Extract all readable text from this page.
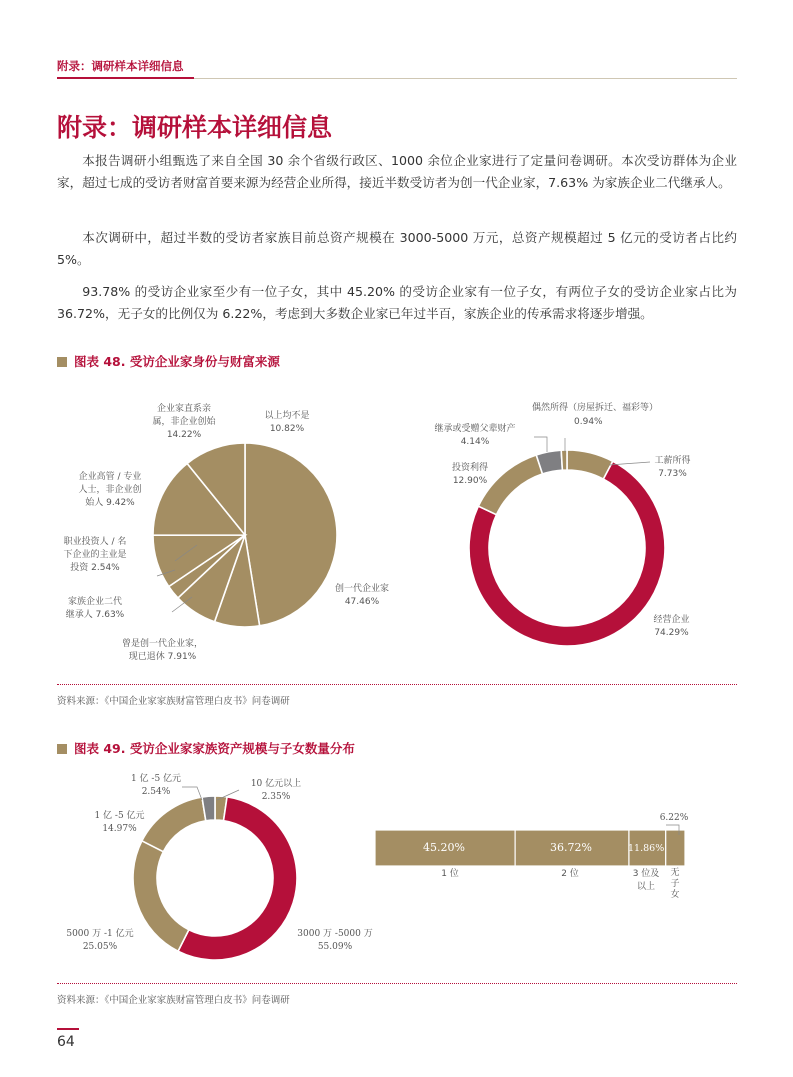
附录：调研样本详细信息
附录：调研样本详细信息
本报告调研小组甄选了来自全国 30 余个省级行政区、1000 余位企业家进行了定量问卷调研。本次受访群体为企业家，超过七成的受访者财富首要来源为经营企业所得，接近半数受访者为创一代企业家，7.63% 为家族企业二代继承人。
本次调研中，超过半数的受访者家族目前总资产规模在 3000-5000 万元，总资产规模超过 5 亿元的受访者占比约 5%。
93.78% 的受访企业家至少有一位子女，其中 45.20% 的受访企业家有一位子女，有两位子女的受访企业家占比为 36.72%，无子女的比例仅为 6.22%，考虑到大多数企业家已年过半百，家族企业的传承需求将逐步增强。
图表 48. 受访企业家身份与财富来源
企业家直系亲
属，非企业创始
14.22%
以上均不是
10.82%
企业高管 / 专业
人士，非企业创
始人 9.42%
职业投资人 / 名
下企业的主业是
投资 2.54%
家族企业二代
继承人 7.63%
曾是创一代企业家，
现已退休 7.91%
创一代企业家
47.46%
偶然所得（房屋拆迁、福彩等）
0.94%
继承或受赠父辈财产
4.14%
投资利得
12.90%
工薪所得
7.73%
经营企业
74.29%
资料来源：《中国企业家家族财富管理白皮书》问卷调研
图表 49. 受访企业家家族资产规模与子女数量分布
1 亿 -5 亿元
2.54%
10 亿元以上
2.35%
1 亿 -5 亿元
14.97%
5000 万 -1 亿元
25.05%
3000 万 -5000 万
55.09%
6.22%
45.20%	36.72%	11.86%
1 位	2 位	3 位及
以上
无子女
资料来源：《中国企业家家族财富管理白皮书》问卷调研
64
